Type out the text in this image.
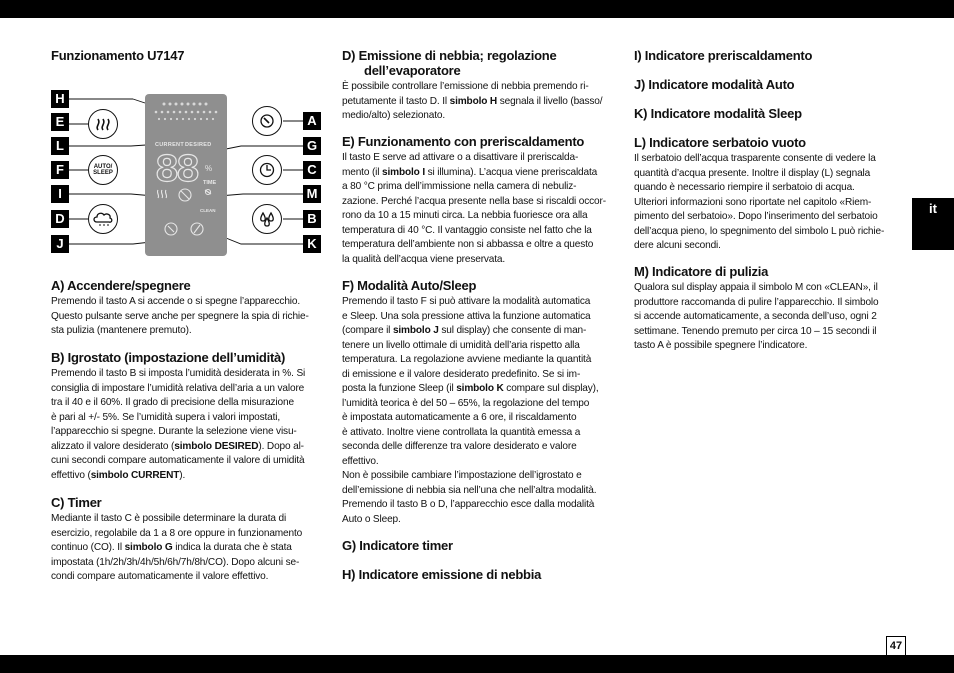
it
47
Funzionamento U7147
H
E
L
F
I
D
J
A
G
C
M
B
K
AUTO/
SLEEP
CURRENT DESIRED
88 %
TIME
CLEAN
A) Accendere/spegnere

Premendo il tasto A si accende o si spegne l’apparecchio.

Questo pulsante serve anche per spegnere la spia di richie-

sta pulizia (mantenere premuto).

B) Igrostato (impostazione dell’umidità)

Premendo il tasto B si imposta l’umidità desiderata in %. Si

consiglia di impostare l’umidità relativa dell’aria a un valore

tra il 40 e il 60%. Il grado di precisione della misurazione

è pari al +/- 5%. Se l’umidità supera i valori impostati,

l’apparecchio si spegne. Durante la selezione viene visu-

alizzato il valore desiderato (simbolo DESIRED). Dopo al-

cuni secondi compare automaticamente il valore di umidità

effettivo (simbolo CURRENT).

C) Timer

Mediante il tasto C è possibile determinare la durata di

esercizio, regolabile da 1 a 8 ore oppure in funzionamento

continuo (CO). Il simbolo G indica la durata che è stata

impostata (1h/2h/3h/4h/5h/6h/7h/8h/CO). Dopo alcuni se-

condi compare automaticamente il valore effettivo.

D) Emissione di nebbia; regolazione
dell’evaporatore

È possibile controllare l’emissione di nebbia premendo ri-

petutamente il tasto D. Il simbolo H segnala il livello (basso/

medio/alto) selezionato.

E) Funzionamento con preriscaldamento

Il tasto E serve ad attivare o a disattivare il preriscalda-

mento (il simbolo I si illumina). L’acqua viene preriscaldata

a 80 °C prima dell’immissione nella camera di nebuliz-

zazione. Perché l’acqua presente nella base si riscaldi occor-

rono da 10 a 15 minuti circa. La nebbia fuoriesce ora alla

temperatura di 40 °C. Il vantaggio consiste nel fatto che la

temperatura dell’ambiente non si abbassa e oltre a questo

la qualità dell’acqua viene preservata.

F) Modalità Auto/Sleep

Premendo il tasto F si può attivare la modalità automatica

e Sleep. Una sola pressione attiva la funzione automatica

(compare il simbolo J sul display) che consente di man-

tenere un livello ottimale di umidità dell’aria rispetto alla

temperatura. La regolazione avviene mediante la quantità

di emissione e il valore desiderato predefinito. Se si im-

posta la funzione Sleep (il simbolo K compare sul display),

l’umidità teorica è del 50 – 65%, la regolazione del tempo

è impostata automaticamente a 6 ore, il riscaldamento

è attivato. Inoltre viene controllata la quantità emessa a

seconda delle differenze tra valore desiderato e valore

effettivo.

Non è possibile cambiare l’impostazione dell’igrostato e

dell’emissione di nebbia sia nell’una che nell’altra modalità.

Premendo il tasto B o D, l’apparecchio esce dalla modalità

Auto o Sleep.

G) Indicatore timer
H) Indicatore emissione di nebbia
I) Indicatore preriscaldamento
J) Indicatore modalità Auto
K) Indicatore modalità Sleep
L) Indicatore serbatoio vuoto

Il serbatoio dell’acqua trasparente consente di vedere la

quantità d’acqua presente. Inoltre il display (L) segnala

quando è necessario riempire il serbatoio di acqua.

Ulteriori informazioni sono riportate nel capitolo «Riem-

pimento del serbatoio». Dopo l’inserimento del serbatoio

dell’acqua pieno, lo spegnimento del simbolo L può richie-

dere alcuni secondi.

M) Indicatore di pulizia

Qualora sul display appaia il simbolo M con «CLEAN», il

produttore raccomanda di pulire l’apparecchio. Il simbolo

si accende automaticamente, a seconda dell’uso, ogni 2

settimane. Tenendo premuto per circa 10 – 15 secondi il

tasto A è possibile spegnere l’indicatore.
